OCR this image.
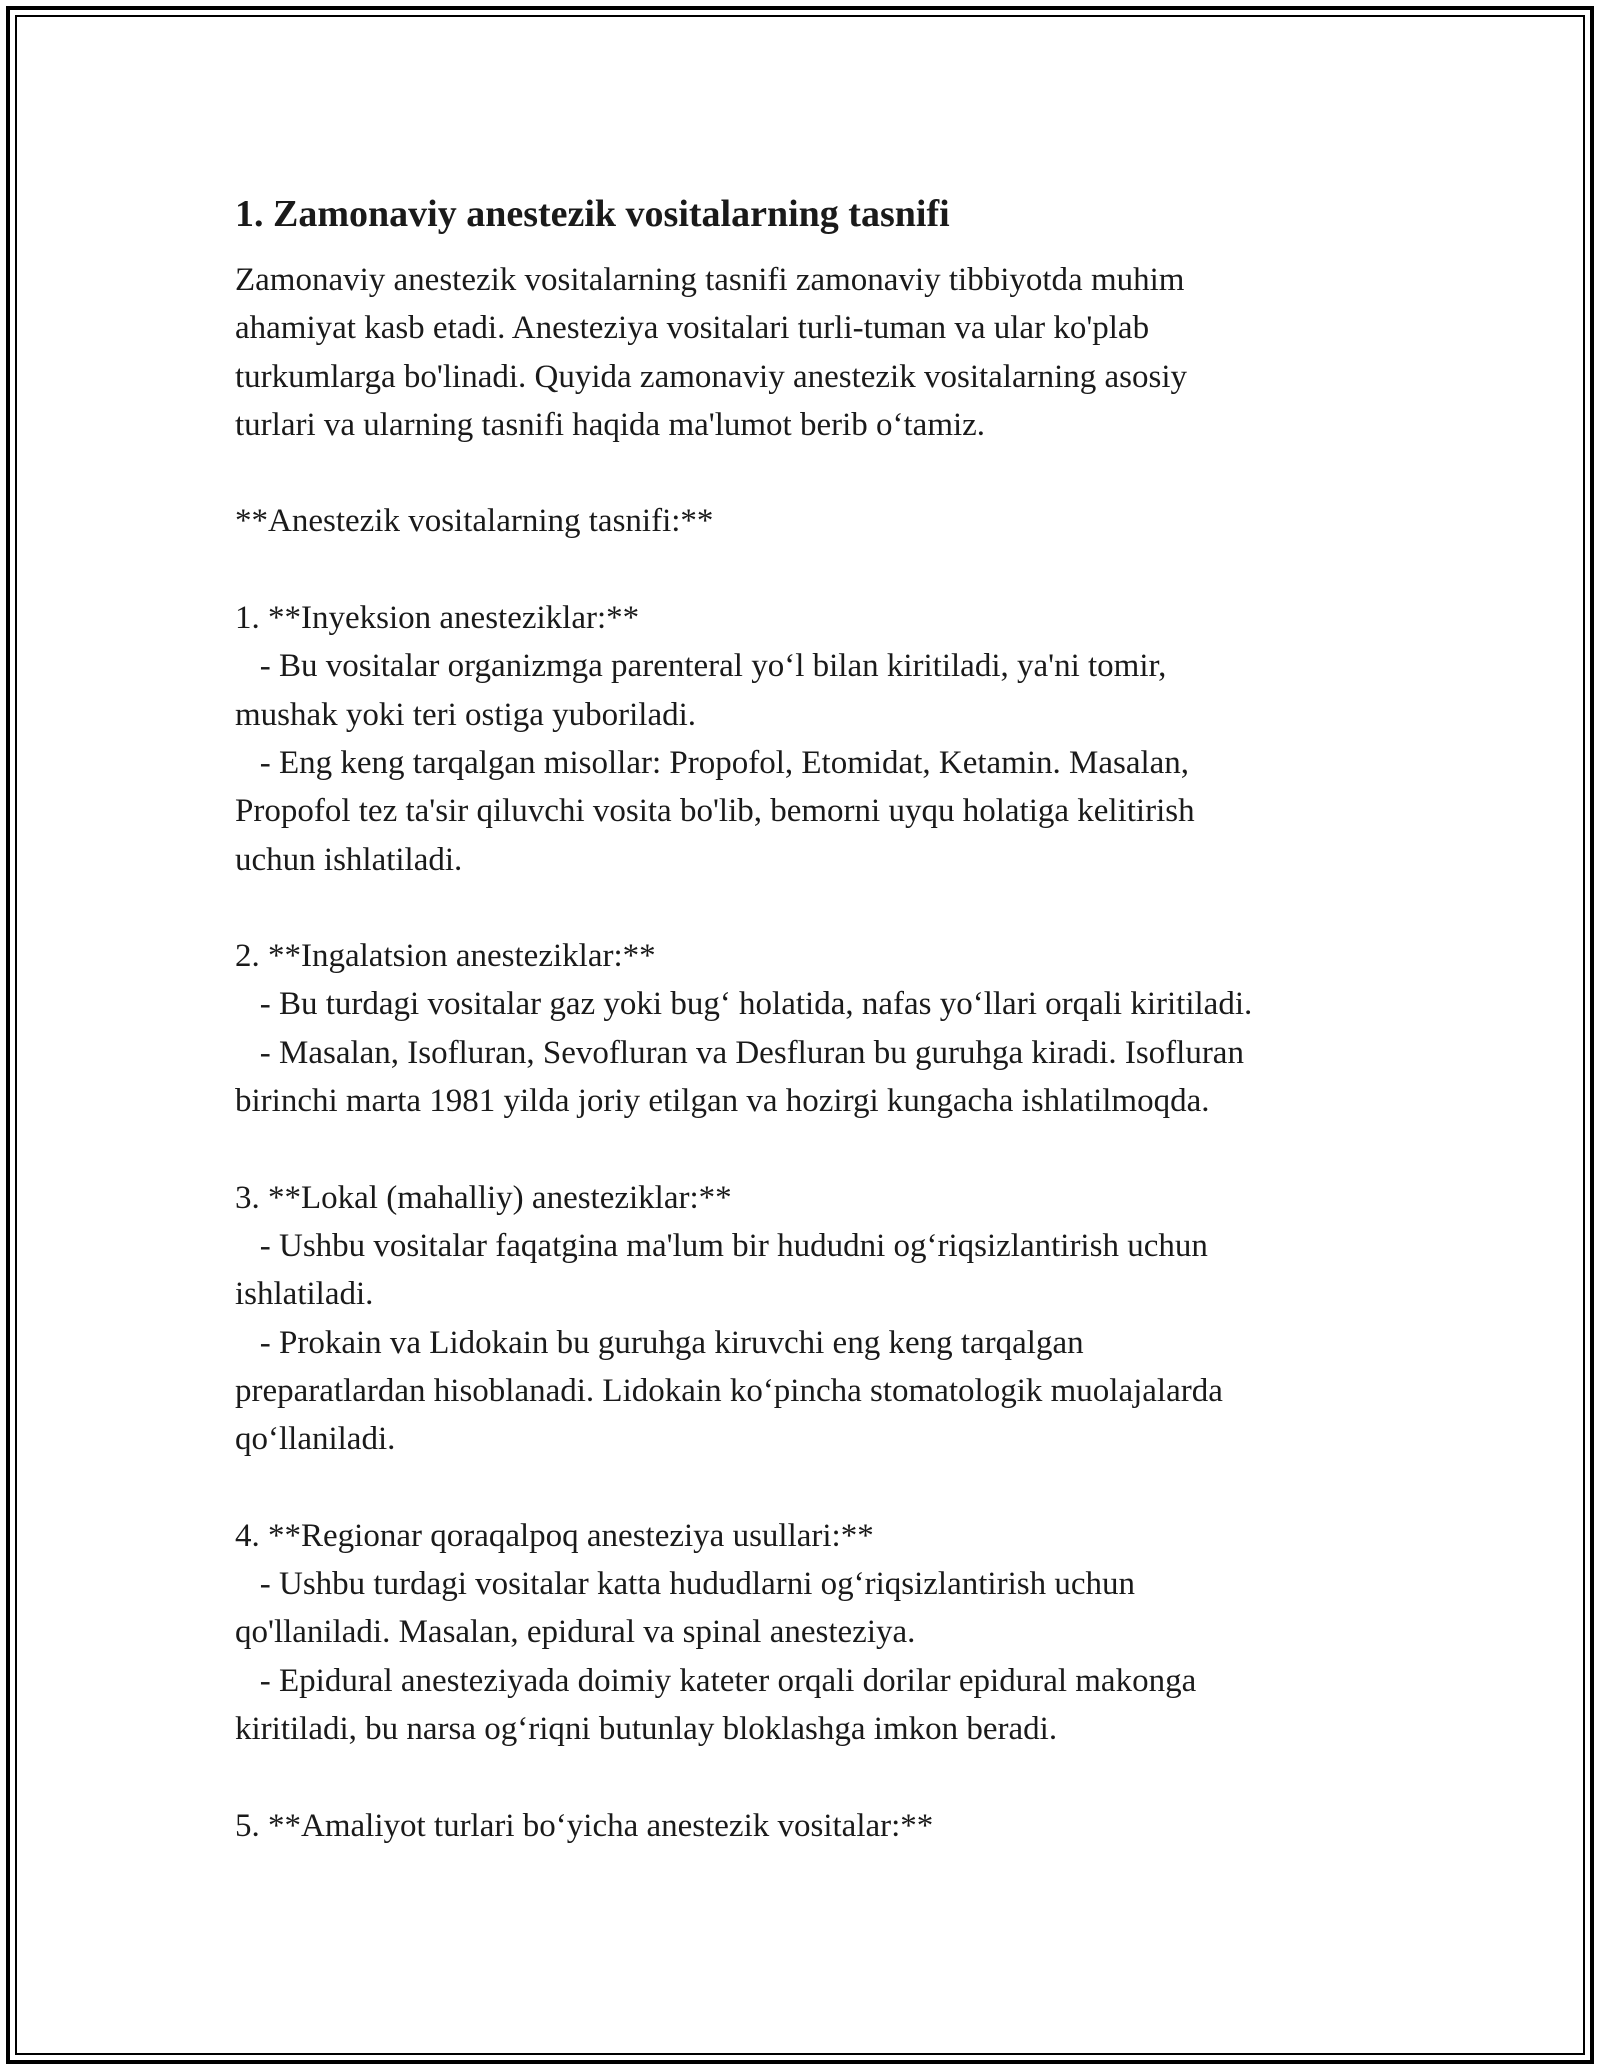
1. Zamonaviy anestezik vositalarning tasnifi
Zamonaviy anestezik vositalarning tasnifi zamonaviy tibbiyotda muhim
ahamiyat kasb etadi. Anesteziya vositalari turli-tuman va ular ko'plab
turkumlarga bo'linadi. Quyida zamonaviy anestezik vositalarning asosiy
turlari va ularning tasnifi haqida ma'lumot berib o‘tamiz.

**Anestezik vositalarning tasnifi:**

1. **Inyeksion anesteziklar:**
- Bu vositalar organizmga parenteral yo‘l bilan kiritiladi, ya'ni tomir,
mushak yoki teri ostiga yuboriladi.
- Eng keng tarqalgan misollar: Propofol, Etomidat, Ketamin. Masalan,
Propofol tez ta'sir qiluvchi vosita bo'lib, bemorni uyqu holatiga kelitirish
uchun ishlatiladi.

2. **Ingalatsion anesteziklar:**
- Bu turdagi vositalar gaz yoki bug‘ holatida, nafas yo‘llari orqali kiritiladi.
- Masalan, Isofluran, Sevofluran va Desfluran bu guruhga kiradi. Isofluran
birinchi marta 1981 yilda joriy etilgan va hozirgi kungacha ishlatilmoqda.

3. **Lokal (mahalliy) anesteziklar:**
- Ushbu vositalar faqatgina ma'lum bir hududni og‘riqsizlantirish uchun
ishlatiladi.
- Prokain va Lidokain bu guruhga kiruvchi eng keng tarqalgan
preparatlardan hisoblanadi. Lidokain ko‘pincha stomatologik muolajalarda
qo‘llaniladi.

4. **Regionar qoraqalpoq anesteziya usullari:**
- Ushbu turdagi vositalar katta hududlarni og‘riqsizlantirish uchun
qo'llaniladi. Masalan, epidural va spinal anesteziya.
- Epidural anesteziyada doimiy kateter orqali dorilar epidural makonga
kiritiladi, bu narsa og‘riqni butunlay bloklashga imkon beradi.

5. **Amaliyot turlari bo‘yicha anestezik vositalar:**
